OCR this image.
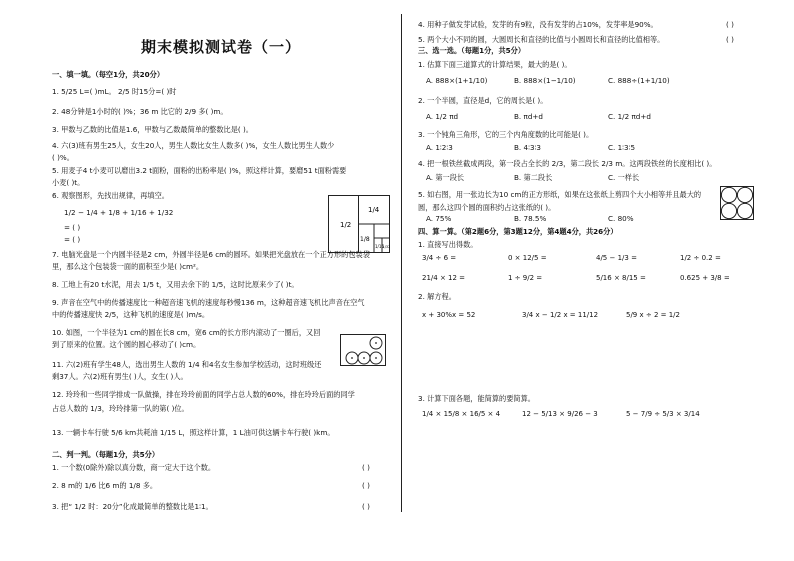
期末模拟测试卷（一）
一、填一填。（每空1分，共20分）
1. 5/25 L=( )mL。 2/5 时15分=( )时
2. 48分钟是1小时的( )%；36 m 比它的 2/9 多( )m。
3. 甲数与乙数的比值是1.6，甲数与乙数最简单的整数比是( )。
4. 六(3)班有男生25人，女生20人，男生人数比女生人数多( )%，女生人数比男生人数少
( )%。
5. 用麦子4 t小麦可以磨出3.2 t面粉，面粉的出粉率是( )%，照这样计算，要磨51 t面粉需要
小麦( )t。
6. 观察图形，先找出规律，再填空。
1/2 − 1/4 + 1/8 + 1/16 + 1/32
= ( )
= ( )
1/2
1/4
1/8
1/16
1/32
7. 电脑光盘是一个内圆半径是2 cm，外圆半径是6 cm的圆环。如果把光盘放在一个正方形的包装袋
里，那么这个包装袋一面的面积至少是( )cm²。
8. 工地上有20 t水泥，用去 1/5 t，又用去余下的 1/5，这时比原来少了( )t。
9. 声音在空气中的传播速度比一种超音速飞机的速度每秒慢136 m，这种超音速飞机比声音在空气
中的传播速度快 2/5，这种飞机的速度是( )m/s。
10. 如图，一个半径为1 cm的圆在长8 cm，宽6 cm的长方形内滚动了一圈后，又回
到了原来的位置。这个圆的圆心移动了( )cm。
11. 六(2)班有学生48人，选出男生人数的 1/4 和4名女生参加学校活动，这时班级还
剩37人。六(2)班有男生( )人，女生( )人。
12. 玲玲和一些同学排成一队做操，排在玲玲前面的同学占总人数的60%，排在玲玲后面的同学
占总人数的 1/3，玲玲排第一队的第( )位。
13. 一辆卡车行驶 5/6 km共耗油 1/15 L，照这样计算，1 L油可供这辆卡车行驶( )km。
二、判一判。（每题1分，共5分）
1. 一个数(0除外)除以真分数，商一定大于这个数。	( )
2. 8 m的 1/6 比6 m的 1/8 多。	( )
3. 把“ 1/2 时：20分”化成最简单的整数比是1∶1。	( )
4. 用种子做发芽试验，发芽的有9粒，没有发芽的占10%，发芽率是90%。	( )
5. 两个大小不同的圆，大圆周长和直径的比值与小圆周长和直径的比值相等。	( )
三、选一选。（每题1分，共5分）
1. 估算下面三道算式的计算结果，最大的是( )。
A. 888×(1+1/10)	B. 888×(1−1/10)	C. 888÷(1+1/10)
2. 一个半圆，直径是d，它的周长是( )。
A. 1/2 πd	B. πd+d	C. 1/2 πd+d
3. 一个钝角三角形，它的三个内角度数的比可能是( )。
A. 1∶2∶3	B. 4∶3∶3	C. 1∶3∶5
4. 把一根铁丝截成两段，第一段占全长的 2/3，第二段长 2/3 m。这两段铁丝的长度相比( )。
A. 第一段长	B. 第二段长	C. 一样长
5. 如右图，用一张边长为10 cm的正方形纸，如果在这张纸上剪四个大小相等并且最大的
圆，那么这四个圆的面积约占这张纸的( )。
A. 75%	B. 78.5%	C. 80%
四、算一算。（第2题6分，第3题12分，第4题4分，共26分）
1. 直接写出得数。
3/4 ÷ 6 =	0 × 12/5 =	4/5 − 1/3 =	1/2 ÷ 0.2 =
21/4 × 12 =	1 ÷ 9/2 =	5/16 × 8/15 =	0.625 + 3/8 =
2. 解方程。
x + 30%x = 52	3/4 x − 1/2 x = 11/12	5/9 x ÷ 2 = 1/2
3. 计算下面各题，能简算的要简算。
1/4 × 15/8 × 16/5 × 4	12 − 5/13 × 9/26 − 3	5 − 7/9 ÷ 5/3 × 3/14
